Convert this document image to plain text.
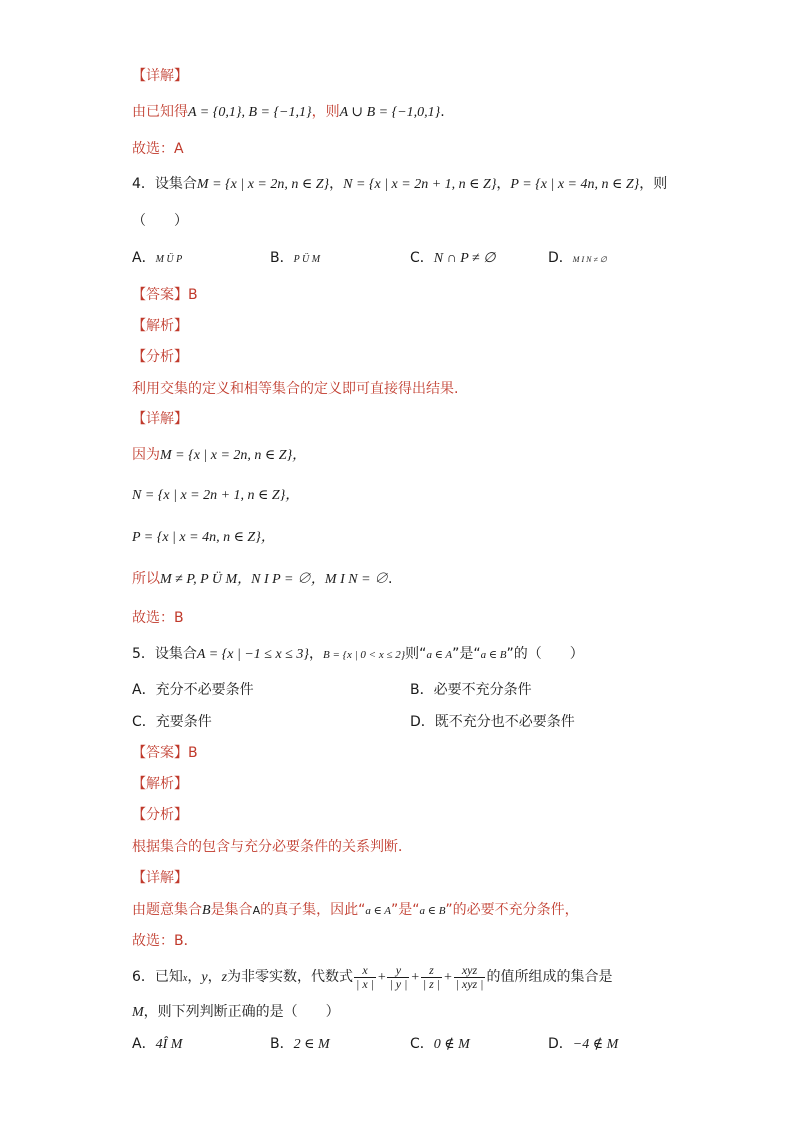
【详解】
由已知得A = {0,1}, B = {−1,1}，则A ∪ B = {−1,0,1}.
故选：A
4．设集合M = {x | x = 2n, n ∈ Z}，N = {x | x = 2n + 1, n ∈ Z}，P = {x | x = 4n, n ∈ Z}，则
（　　）
A．M Ü P	B．P Ü M	C．N ∩ P ≠ ∅	D．M I N ≠ ∅
【答案】B
【解析】
【分析】
利用交集的定义和相等集合的定义即可直接得出结果.
【详解】
因为M = {x | x = 2n, n ∈ Z}，
N = {x | x = 2n + 1, n ∈ Z}，
P = {x | x = 4n, n ∈ Z}，
所以M ≠ P, P Ü M，N I P = ∅，M I N = ∅.
故选：B
5．设集合A = {x | −1 ≤ x ≤ 3}，B = {x | 0 < x ≤ 2}则“a ∈ A”是“a ∈ B”的（　　）
A．充分不必要条件	B．必要不充分条件
C．充要条件	D．既不充分也不必要条件
【答案】B
【解析】
【分析】
根据集合的包含与充分必要条件的关系判断．
【详解】
由题意集合B是集合A的真子集，因此“a ∈ A”是“a ∈ B”的必要不充分条件，
故选：B．
6．已知x，y，z为非零实数，代数式 $\frac{x}{| x |} + \frac{y}{| y |} + \frac{z}{| z |} + \frac{\text{xyz}}{\text{| xyz |}}$ 的值所组成的集合是
M，则下列判断正确的是（　　）
A．4Î M	B．2 ∈ M	C．0 ∉ M	D．−4 ∉ M
